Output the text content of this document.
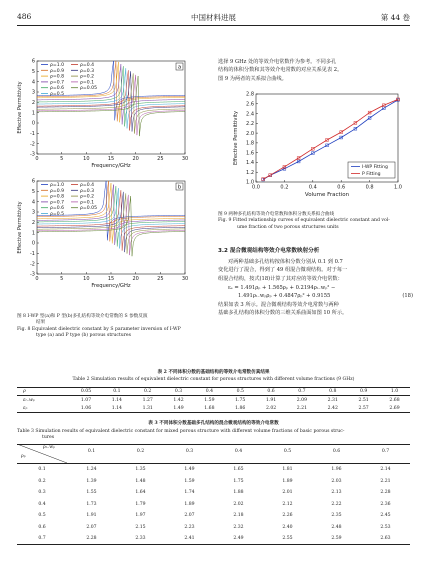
486	中国材料进展	第 44 卷
0	5	10	15	20	25	30
-3
-2
-1
0
1
2
3
4
5
6
Frequency/GHz
Effective Permittivity
a
ρ=1.0
ρ=0.9
ρ=0.8
ρ=0.7
ρ=0.6
ρ=0.5
ρ=0.4
ρ=0.3
ρ=0.2
ρ=0.1
ρ=0.05
0	5	10	15	20	25	30
-3
-2
-1
0
1
2
3
4
5
6
Frequency/GHz
Effective Permittivity
b
ρ=1.0
ρ=0.9
ρ=0.8
ρ=0.7
ρ=0.6
ρ=0.5
ρ=0.4
ρ=0.3
ρ=0.2
ρ=0.1
ρ=0.05
图 8 I-WP 型(a)和 P 型(b)多孔结构等效介电常数的 S 参数反演
结果
Fig. 8 Equivalent dielectric constant by S parameter inversion of I-WP
type (a) and P type (b) porous structures
选择 9 GHz 处的等效介电常数作为参考。不同多孔
结构的体积分数和其等效介电常数的对应关系见表 2。
图 9 为两者的关系拟合曲线。
0.0	0.2	0.4	0.6	0.8	1.0
1.0
1.2
1.4
1.6
1.8
2.0
2.2
2.4
2.6
2.8
Volume Fraction
Effective Permittivity
I-WP Fitting
P Fitting
图 9 两种多孔结构等效介电常数和体积分数关系拟合曲线
Fig. 9 Fitted relationship curves of equivalent dielectric constant and vol-
ume fraction of two porous structures units
3.2 混合微观结构等效介电常数映射分析
对两种基础多孔结构按体积分数分别从 0.1 到 0.7
变化进行了混合，得到了 49 组混合微观结构。对于每一
组混合结构，按式(18)计算了其对应的等效介电常数：
εₑ = 1.491ρₚ + 1.565ρₚ + 0.2194ρₗ₋wₚ² −
1.491ρₗ₋wₚρₚ + 0.4847ρₚ² + 0.9155	(18)
结果如表 3 所示。混合微观结构等效介电常数与两种
基础多孔结构的体积分数的三维关系曲面如图 10 所示。
表 2 不同体积分数的基础结构的等效介电常数仿真结果
Table 2 Simulation results of equivalent dielectric constant for porous structures with different volume fractions (9 GHz)
ρ	0.05	0.1	0.2	0.3	0.4	0.5	0.6	0.7	0.8	0.9	1.0
εₗ₋wₚ	1.07	1.14	1.27	1.42	1.59	1.75	1.91	2.09	2.31	2.51	2.68
εₚ	1.06	1.14	1.31	1.49	1.68	1.86	2.02	2.21	2.42	2.57	2.69
表 3 不同体积分数基础多孔结构的混合微观结构的等效介电常数
Table 3 Simulation results of equivalent dielectric constant for mixed porous structure with different volume fractions of basic porous struc-
tures
ρₗ₋wₚ
ρₚ
0.1	0.2	0.3	0.4	0.5	0.6	0.7
0.1	1.24	1.35	1.49	1.65	1.81	1.96	2.14
0.2	1.39	1.48	1.59	1.75	1.89	2.03	2.21
0.3	1.55	1.64	1.74	1.88	2.01	2.13	2.28
0.4	1.73	1.79	1.89	2.02	2.12	2.22	2.36
0.5	1.91	1.97	2.07	2.18	2.26	2.35	2.45
0.6	2.07	2.15	2.23	2.32	2.40	2.48	2.53
0.7	2.28	2.33	2.41	2.49	2.55	2.59	2.63
